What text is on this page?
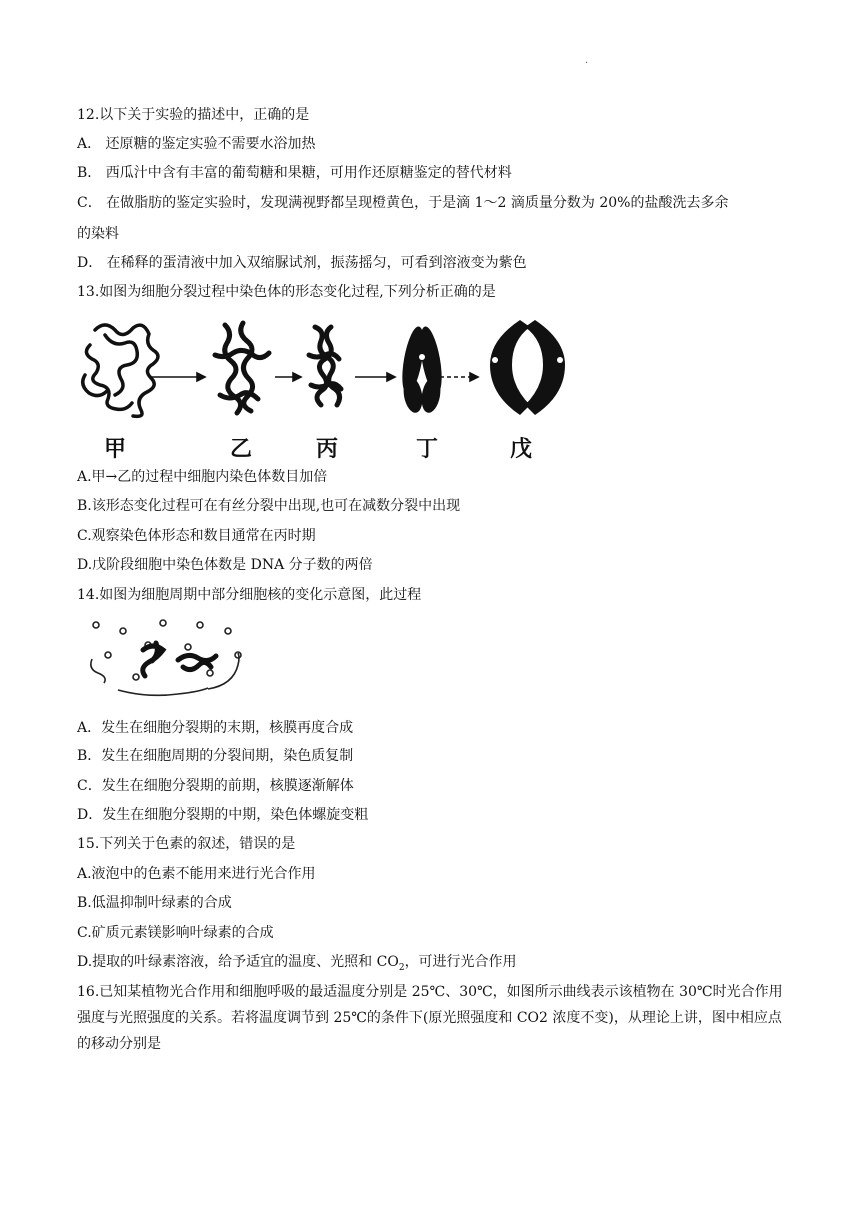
·
12.以下关于实验的描述中，正确的是
A． 还原糖的鉴定实验不需要水浴加热
B． 西瓜汁中含有丰富的葡萄糖和果糖，可用作还原糖鉴定的替代材料
C． 在做脂肪的鉴定实验时，发现满视野都呈现橙黄色，于是滴 1～2 滴质量分数为 20%的盐酸洗去多余
的染料
D． 在稀释的蛋清液中加入双缩脲试剂，振荡摇匀，可看到溶液变为紫色
13.如图为细胞分裂过程中染色体的形态变化过程,下列分析正确的是
甲	乙	丙	丁	戊
A.甲→乙的过程中细胞内染色体数目加倍
B.该形态变化过程可在有丝分裂中出现,也可在减数分裂中出现
C.观察染色体形态和数目通常在丙时期
D.戊阶段细胞中染色体数是 DNA 分子数的两倍
14.如图为细胞周期中部分细胞核的变化示意图，此过程
A．发生在细胞分裂期的末期，核膜再度合成
B．发生在细胞周期的分裂间期，染色质复制
C．发生在细胞分裂期的前期，核膜逐渐解体
D．发生在细胞分裂期的中期，染色体螺旋变粗
15.下列关于色素的叙述，错误的是
A.液泡中的色素不能用来进行光合作用
B.低温抑制叶绿素的合成
C.矿质元素镁影响叶绿素的合成
D.提取的叶绿素溶液，给予适宜的温度、光照和 $CO_2$，可进行光合作用
16.已知某植物光合作用和细胞呼吸的最适温度分别是 25℃、30℃，如图所示曲线表示该植物在 30℃时光合作用强度与光照强度的关系。若将温度调节到 25℃的条件下(原光照强度和 CO2 浓度不变)，从理论上讲，图中相应点的移动分别是
